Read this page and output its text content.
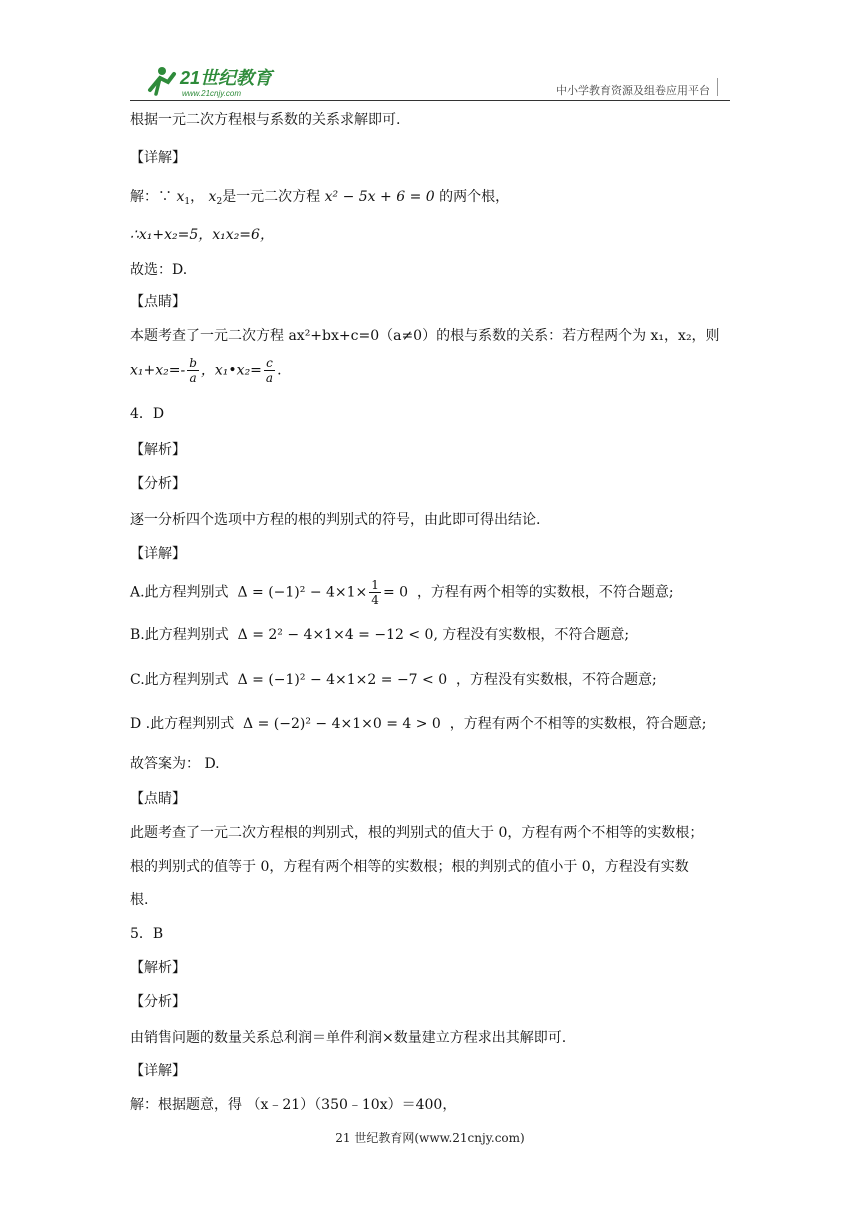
21世纪教育
www.21cnjy.com	中小学教育资源及组卷应用平台
根据一元二次方程根与系数的关系求解即可.
【详解】
解：∵ $x_1$， $x_2$是一元二次方程 x² − 5x + 6 = 0 的两个根，
∴x₁+x₂=5，x₁x₂=6，
故选：D.
【点睛】
本题考查了一元二次方程 ax²+bx+c=0（a≠0）的根与系数的关系：若方程两个为 x₁，x₂，则
$x_1+x_2=- \frac{b}{a}$ ，x₁•x₂= $\frac{c}{a}$ .
4．D
【解析】
【分析】
逐一分析四个选项中方程的根的判别式的符号，由此即可得出结论.
【详解】
A.此方程判别式 $\Delta = (-1)^2 - 4\times 1\times \frac{1}{4} = 0$ ，方程有两个相等的实数根，不符合题意;
B.此方程判别式 Δ = 2² − 4×1×4 = −12 < 0, 方程没有实数根，不符合题意;
C.此方程判别式 Δ = (−1)² − 4×1×2 = −7 < 0 ，方程没有实数根，不符合题意;
D .此方程判别式 Δ = (−2)² − 4×1×0 = 4 > 0 ，方程有两个不相等的实数根，符合题意;
故答案为： D.
【点睛】
此题考查了一元二次方程根的判别式，根的判别式的值大于 0，方程有两个不相等的实数根；
根的判别式的值等于 0，方程有两个相等的实数根；根的判别式的值小于 0，方程没有实数
根.
5．B
【解析】
【分析】
由销售问题的数量关系总利润＝单件利润×数量建立方程求出其解即可.
【详解】
解：根据题意，得 （x﹣21）（350﹣10x）＝400，
21 世纪教育网(www.21cnjy.com)
